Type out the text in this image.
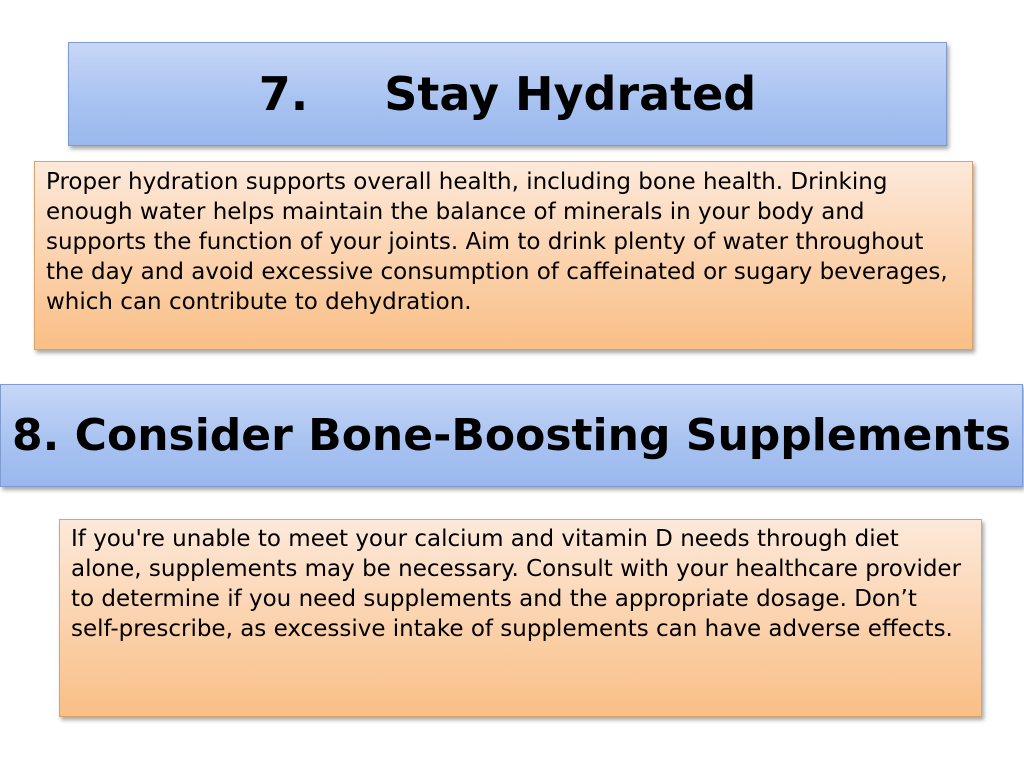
7. Stay Hydrated

Proper hydration supports overall health, including bone health. Drinking enough water helps maintain the balance of minerals in your body and supports the function of your joints. Aim to drink plenty of water throughout the day and avoid excessive consumption of caffeinated or sugary beverages, which can contribute to dehydration.

8. Consider Bone-Boosting Supplements

If you're unable to meet your calcium and vitamin D needs through diet alone, supplements may be necessary. Consult with your healthcare provider to determine if you need supplements and the appropriate dosage. Don’t self-prescribe, as excessive intake of supplements can have adverse effects.
